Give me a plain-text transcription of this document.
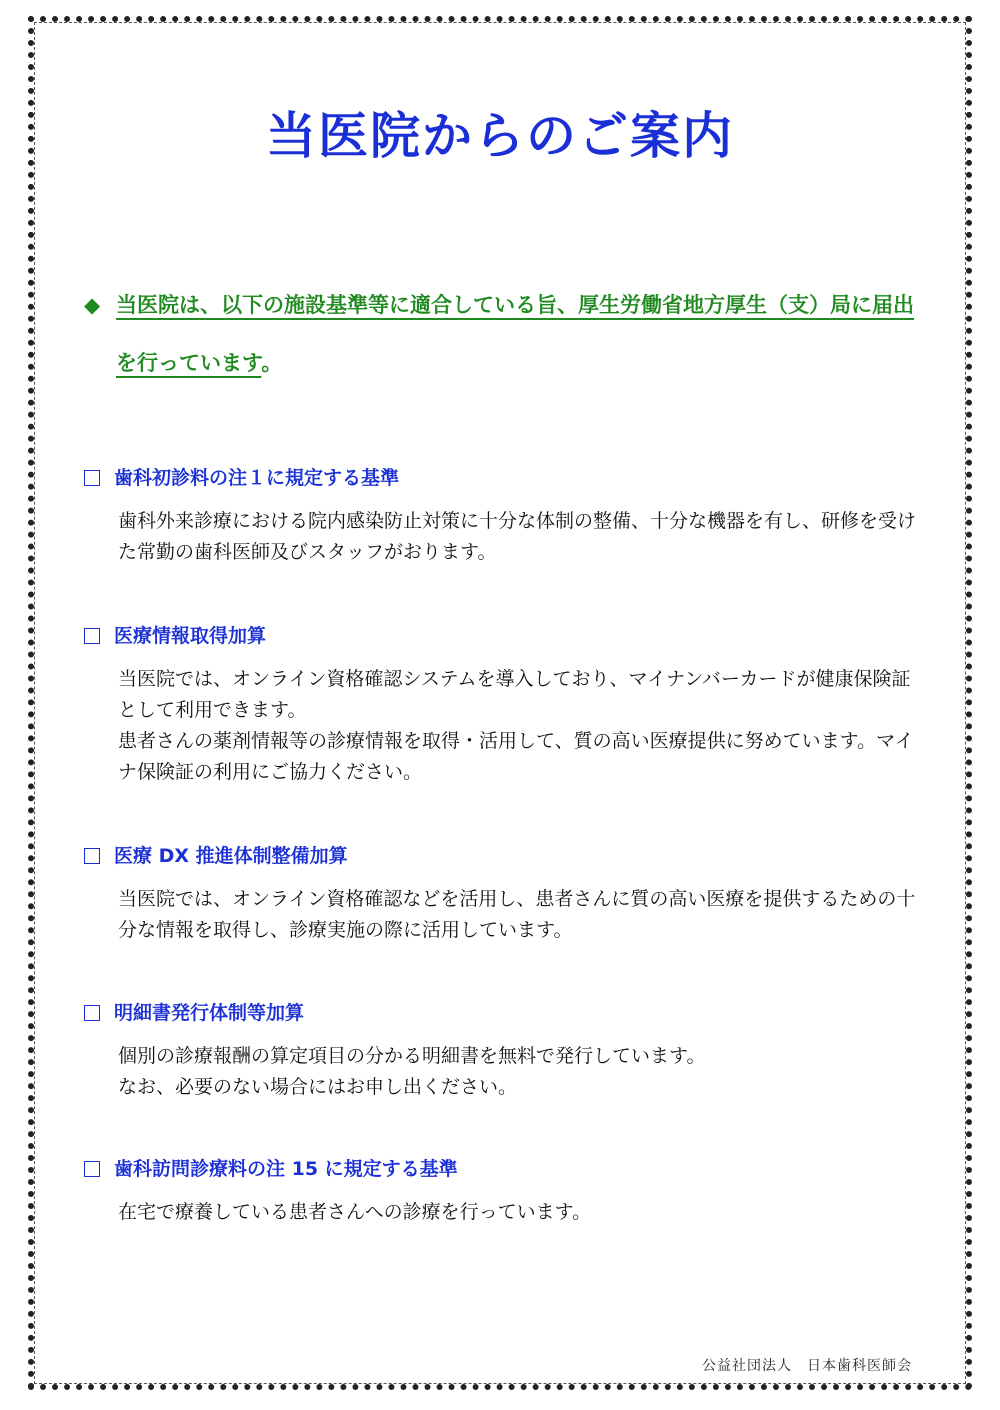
当医院からのご案内
◆ 当医院は、以下の施設基準等に適合している旨、厚生労働省地方厚生（支）局に届出を行っています。
歯科初診料の注１に規定する基準

歯科外来診療における院内感染防止対策に十分な体制の整備、十分な機器を有し、研修を受けた常勤の歯科医師及びスタッフがおります。

医療情報取得加算

当医院では、オンライン資格確認システムを導入しており、マイナンバーカードが健康保険証として利用できます。

患者さんの薬剤情報等の診療情報を取得・活用して、質の高い医療提供に努めています。マイナ保険証の利用にご協力ください。

医療 DX 推進体制整備加算

当医院では、オンライン資格確認などを活用し、患者さんに質の高い医療を提供するための十分な情報を取得し、診療実施の際に活用しています。

明細書発行体制等加算

個別の診療報酬の算定項目の分かる明細書を無料で発行しています。

なお、必要のない場合にはお申し出ください。

歯科訪問診療料の注 15 に規定する基準

在宅で療養している患者さんへの診療を行っています。

公益社団法人　日本歯科医師会
